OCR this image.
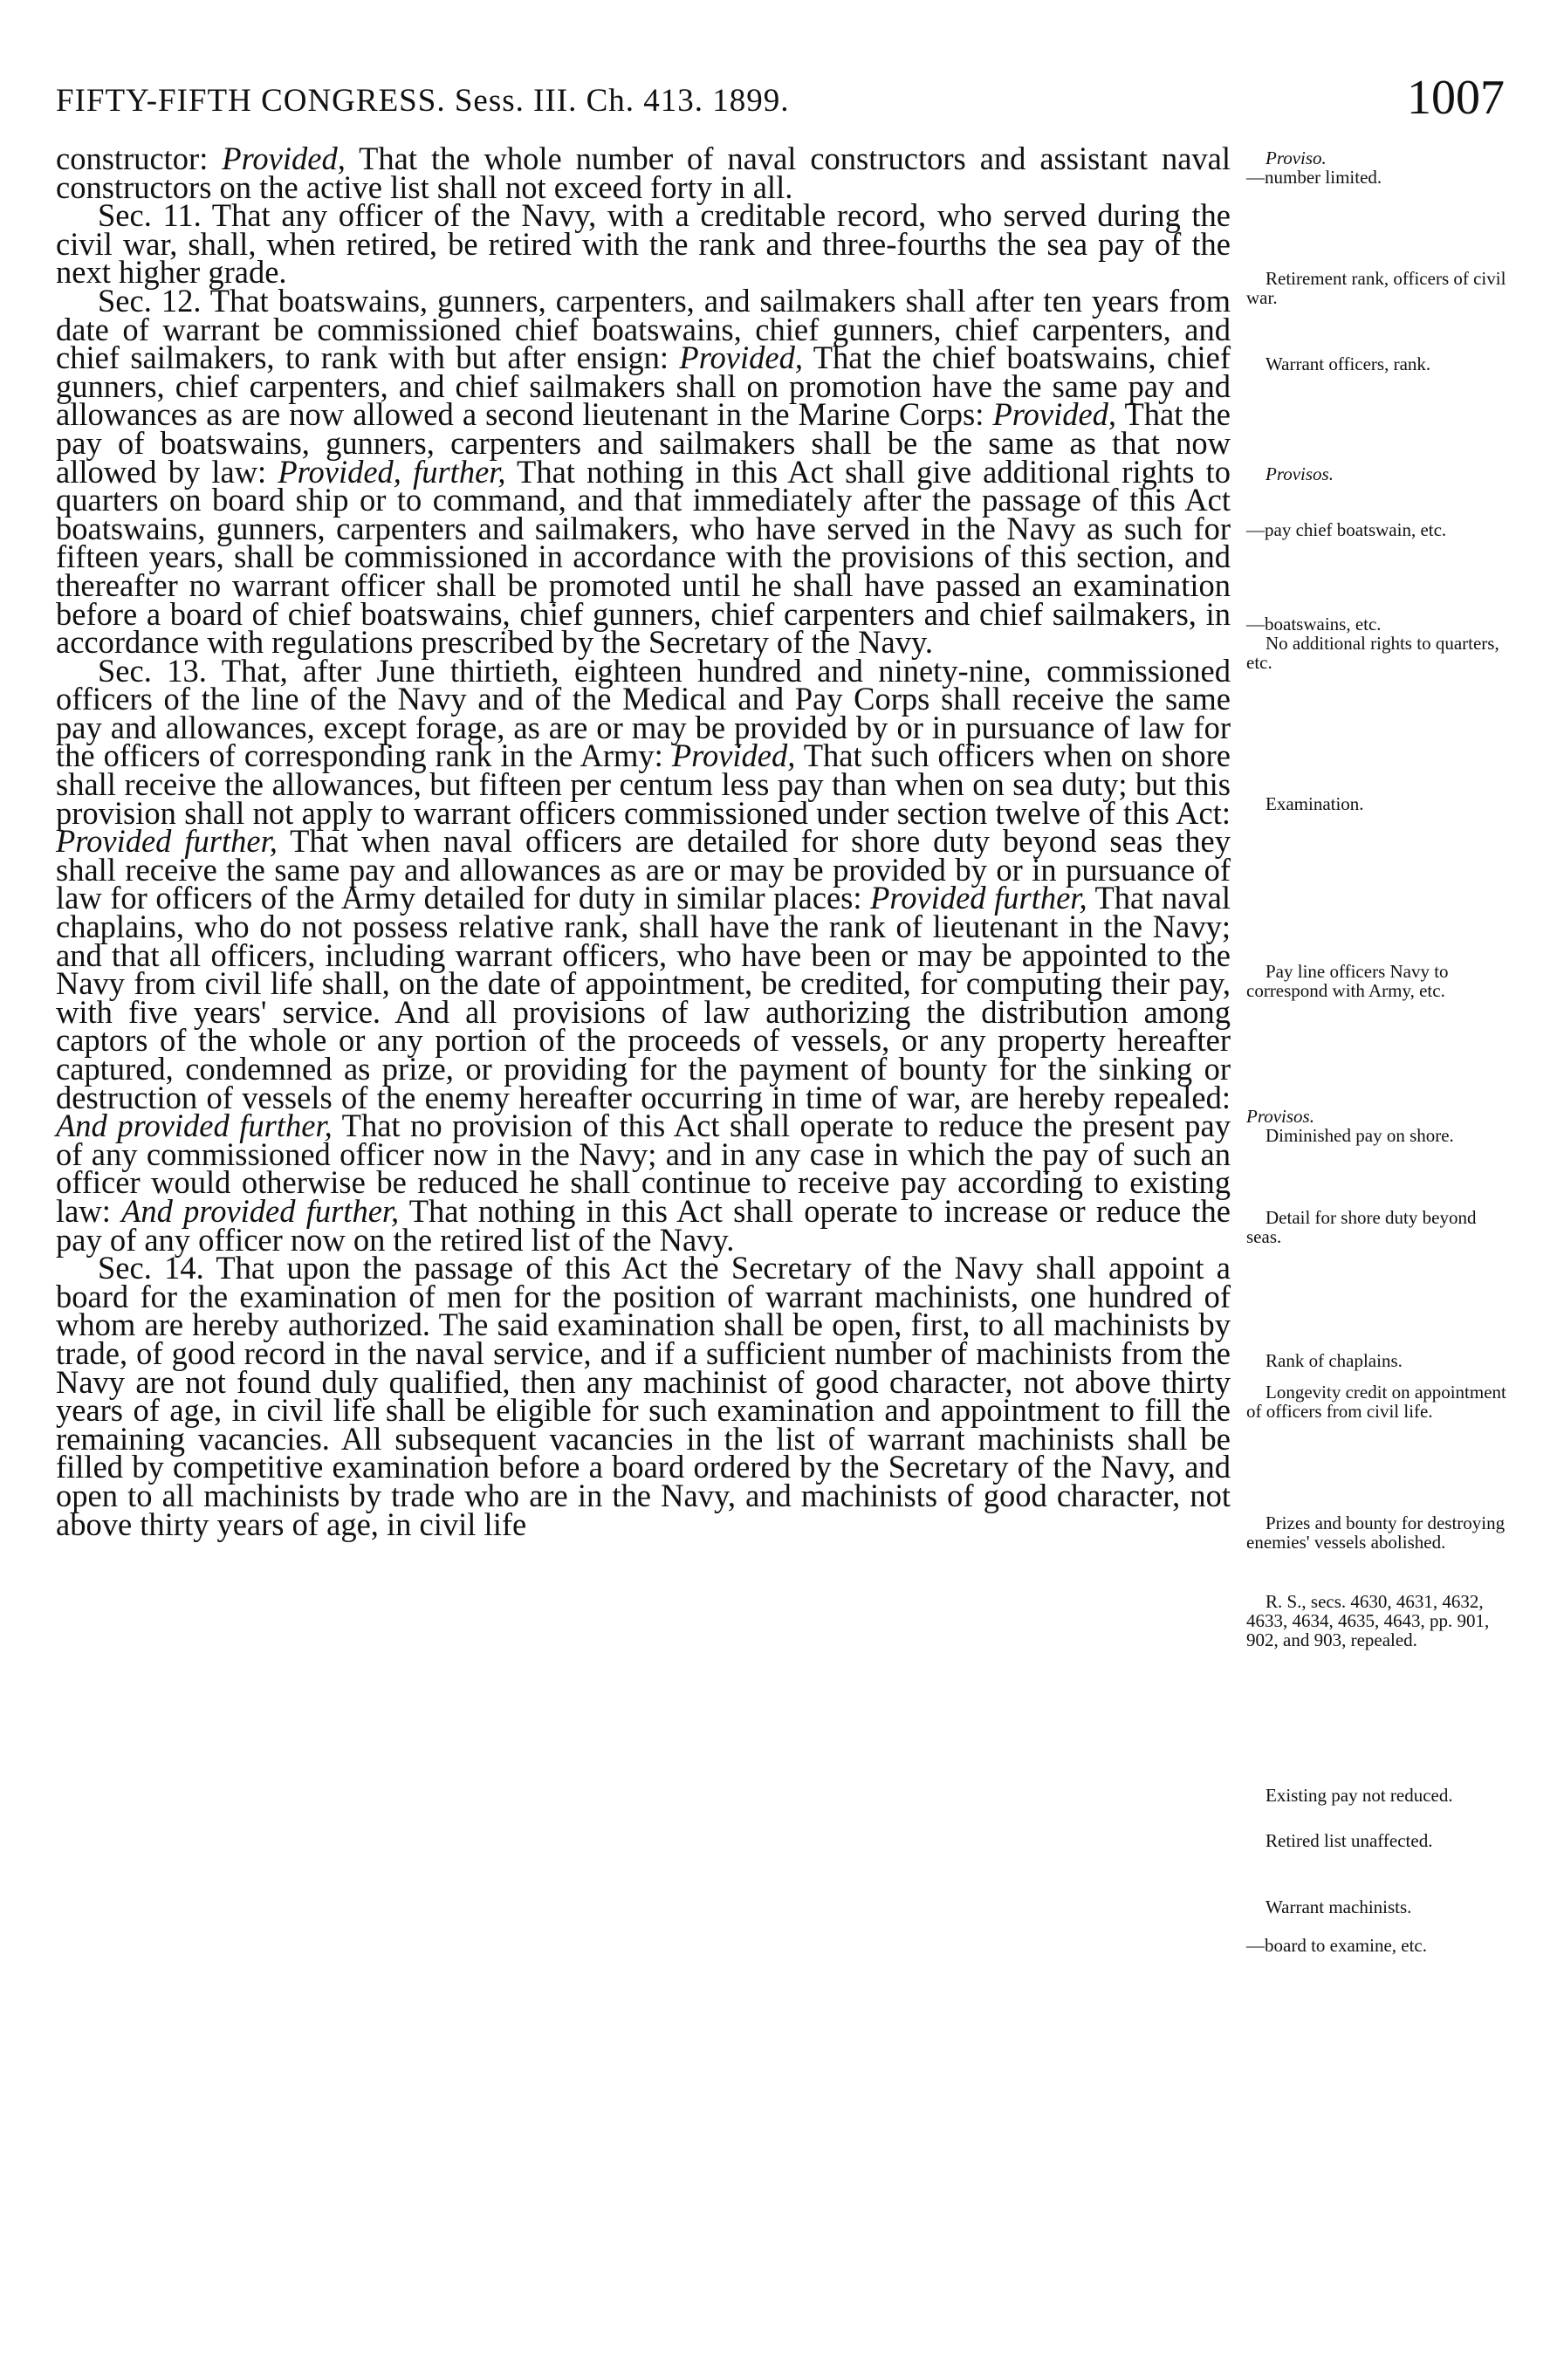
FIFTY-FIFTH CONGRESS. Sess. III. Ch. 413. 1899.	1007

constructor: Provided, That the whole number of naval constructors and assistant naval constructors on the active list shall not exceed forty in all.

Sec. 11. That any officer of the Navy, with a creditable record, who served during the civil war, shall, when retired, be retired with the rank and three-fourths the sea pay of the next higher grade.

Sec. 12. That boatswains, gunners, carpenters, and sailmakers shall after ten years from date of warrant be commissioned chief boatswains, chief gunners, chief carpenters, and chief sailmakers, to rank with but after ensign: Provided, That the chief boatswains, chief gunners, chief carpenters, and chief sailmakers shall on promotion have the same pay and allowances as are now allowed a second lieutenant in the Marine Corps: Provided, That the pay of boatswains, gunners, carpenters and sailmakers shall be the same as that now allowed by law: Provided, further, That nothing in this Act shall give additional rights to quarters on board ship or to command, and that immediately after the passage of this Act boatswains, gunners, carpenters and sailmakers, who have served in the Navy as such for fifteen years, shall be commissioned in accordance with the provisions of this section, and thereafter no warrant officer shall be promoted until he shall have passed an examination before a board of chief boatswains, chief gunners, chief carpenters and chief sailmakers, in accordance with regulations prescribed by the Secretary of the Navy.

Sec. 13. That, after June thirtieth, eighteen hundred and ninety-nine, commissioned officers of the line of the Navy and of the Medical and Pay Corps shall receive the same pay and allowances, except forage, as are or may be provided by or in pursuance of law for the officers of corresponding rank in the Army: Provided, That such officers when on shore shall receive the allowances, but fifteen per centum less pay than when on sea duty; but this provision shall not apply to warrant officers commissioned under section twelve of this Act: Provided further, That when naval officers are detailed for shore duty beyond seas they shall receive the same pay and allowances as are or may be provided by or in pursuance of law for officers of the Army detailed for duty in similar places: Provided further, That naval chaplains, who do not possess relative rank, shall have the rank of lieutenant in the Navy; and that all officers, including warrant officers, who have been or may be appointed to the Navy from civil life shall, on the date of appointment, be credited, for computing their pay, with five years' service. And all provisions of law authorizing the distribution among captors of the whole or any portion of the proceeds of vessels, or any property hereafter captured, condemned as prize, or providing for the payment of bounty for the sinking or destruction of vessels of the enemy hereafter occurring in time of war, are hereby repealed: And provided further, That no provision of this Act shall operate to reduce the present pay of any commissioned officer now in the Navy; and in any case in which the pay of such an officer would otherwise be reduced he shall continue to receive pay according to existing law: And provided further, That nothing in this Act shall operate to increase or reduce the pay of any officer now on the retired list of the Navy.

Sec. 14. That upon the passage of this Act the Secretary of the Navy shall appoint a board for the examination of men for the position of warrant machinists, one hundred of whom are hereby authorized. The said examination shall be open, first, to all machinists by trade, of good record in the naval service, and if a sufficient number of machinists from the Navy are not found duly qualified, then any machinist of good character, not above thirty years of age, in civil life shall be eligible for such examination and appointment to fill the remaining vacancies. All subsequent vacancies in the list of warrant machinists shall be filled by competitive examination before a board ordered by the Secretary of the Navy, and open to all machinists by trade who are in the Navy, and machinists of good character, not above thirty years of age, in civil life

Proviso.
—number limited.
Retirement rank, officers of civil war.
Warrant officers, rank.
Provisos.
—pay chief boatswain, etc.
—boatswains, etc.
No additional rights to quarters, etc.
Examination.
Pay line officers Navy to correspond with Army, etc.
Provisos.
Diminished pay on shore.
Detail for shore duty beyond seas.
Rank of chaplains.
Longevity credit on appointment of officers from civil life.
Prizes and bounty for destroying enemies' vessels abolished.
R. S., secs. 4630, 4631, 4632, 4633, 4634, 4635, 4643, pp. 901, 902, and 903, repealed.
Existing pay not reduced.
Retired list unaffected.
Warrant machinists.
—board to examine, etc.
